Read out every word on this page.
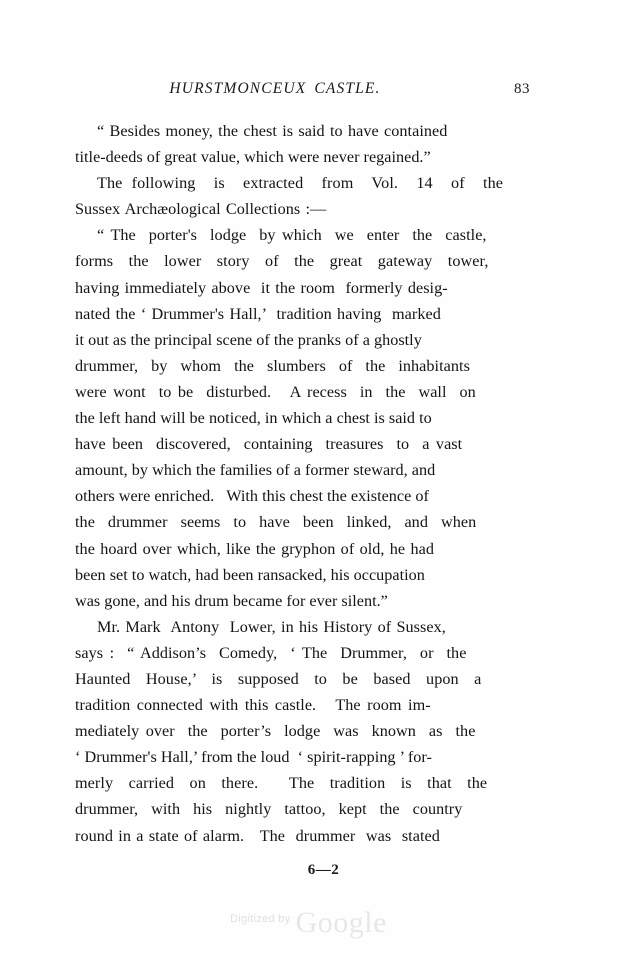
HURSTMONCEUX CASTLE.	83
“ Besides money, the chest is said to have contained
title-deeds of great value, which were never regained.”
The following  is  extracted  from  Vol.  14  of  the
Sussex Archæological Collections :—
“ The  porter's  lodge  by which  we  enter  the  castle,
forms  the  lower  story  of  the  great  gateway  tower,
having immediately above  it the room  formerly desig-
nated the ‘ Drummer's Hall,’  tradition having  marked
it out as the principal scene of the pranks of a ghostly
drummer,  by  whom  the  slumbers  of  the  inhabitants
were wont  to be  disturbed.   A recess  in  the  wall  on
the left hand will be noticed, in which a chest is said to
have been  discovered,  containing  treasures  to  a vast
amount, by which the families of a former steward, and
others were enriched.   With this chest the existence of
the  drummer  seems  to  have  been  linked,  and  when
the hoard over which, like the gryphon of old, he had
been set to watch, had been ransacked, his occupation
was gone, and his drum became for ever silent.”
Mr. Mark  Antony  Lower, in his History of Sussex,
says :  “ Addison’s  Comedy,  ‘ The  Drummer,  or  the
Haunted  House,’  is  supposed  to  be  based  upon  a
tradition connected with this castle.   The room im-
mediately over  the  porter’s  lodge  was  known  as  the
‘ Drummer's Hall,’ from the loud  ‘ spirit-rapping ’ for-
merly  carried  on  there.    The  tradition  is  that  the
drummer,  with  his  nightly  tattoo,  kept  the  country
round in a state of alarm.   The  drummer  was  stated
6—2
$^{Digitized by}$ Google
